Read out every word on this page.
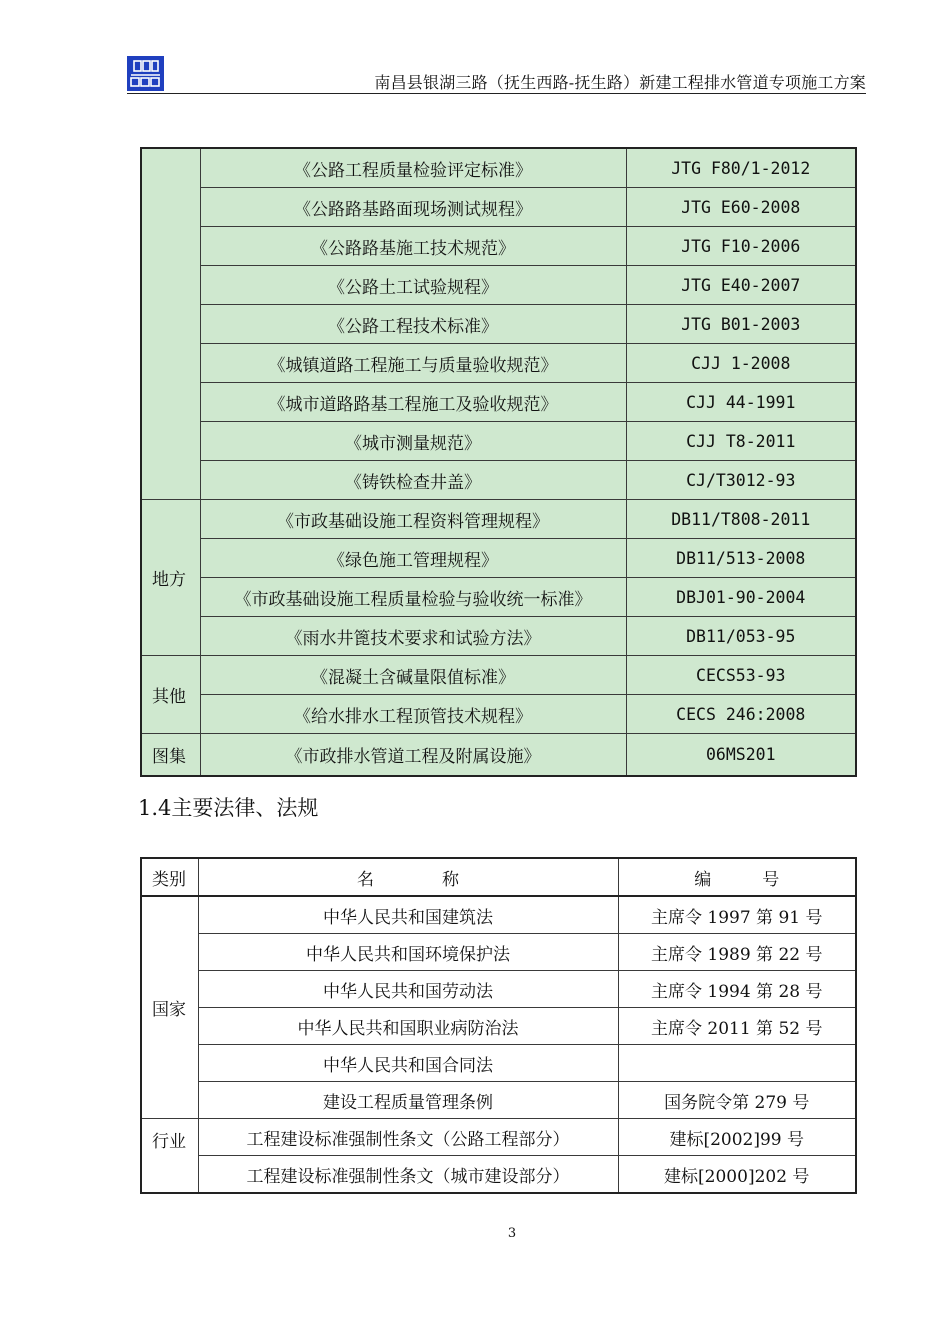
南昌县银湖三路（抚生西路-抚生路）新建工程排水管道专项施工方案
	《公路工程质量检验评定标准》	JTG F80/1-2012
	《公路路基路面现场测试规程》	JTG E60-2008
	《公路路基施工技术规范》	JTG F10-2006
	《公路土工试验规程》	JTG E40-2007
	《公路工程技术标准》	JTG B01-2003
	《城镇道路工程施工与质量验收规范》	CJJ 1-2008
	《城市道路路基工程施工及验收规范》	CJJ 44-1991
	《城市测量规范》	CJJ T8-2011
	《铸铁检查井盖》	CJ/T3012-93
地方	《市政基础设施工程资料管理规程》	DB11/T808-2011
	《绿色施工管理规程》	DB11/513-2008
	《市政基础设施工程质量检验与验收统一标准》	DBJ01-90-2004
	《雨水井篦技术要求和试验方法》	DB11/053-95
其他	《混凝土含碱量限值标准》	CECS53-93
	《给水排水工程顶管技术规程》	CECS 246:2008
图集	《市政排水管道工程及附属设施》	06MS201
1.4主要法律、法规
类别	名　　　　称	编　　　号
国家	中华人民共和国建筑法	主席令 1997 第 91 号
	中华人民共和国环境保护法	主席令 1989 第 22 号
	中华人民共和国劳动法	主席令 1994 第 28 号
	中华人民共和国职业病防治法	主席令 2011 第 52 号
	中华人民共和国合同法	
	建设工程质量管理条例	国务院令第 279 号
行业	工程建设标准强制性条文（公路工程部分）	建标[2002]99 号
	工程建设标准强制性条文（城市建设部分）	建标[2000]202 号
3
